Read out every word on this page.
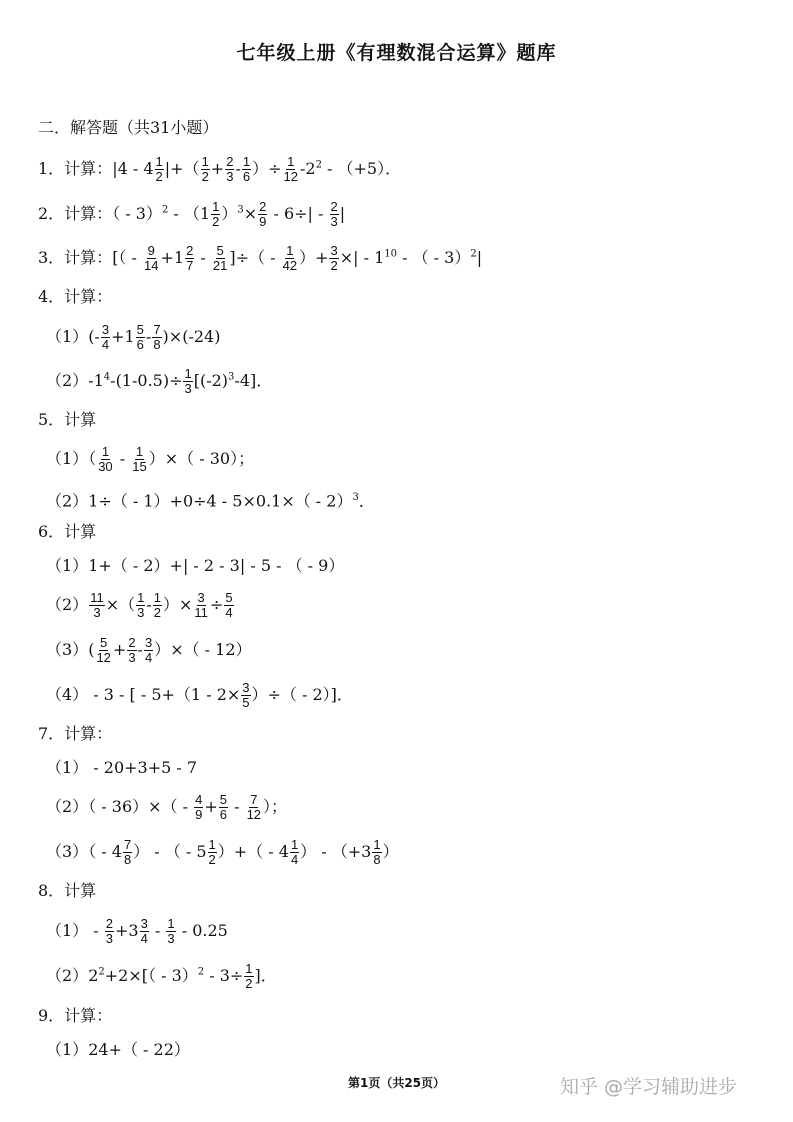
七年级上册《有理数混合运算》题库
二．解答题（共31小题）
1．计算：$|4 - 4 \frac{1}{2}$ |+（ $\frac{1}{2} + \frac{2}{3} - \frac{1}{6}$ ）÷ $\frac{1}{12} -2^2 - (+5)$．
2．计算：（ - $3)^2 - (1 \frac{1}{2} )^3\times \frac{2}{9} - 6\div| - \frac{2}{3}$ |
3．计算：[（ - $\frac{9}{14} +1 \frac{2}{7} - \frac{5}{21}$ ]÷（ - $\frac{1}{42}$ ）+ $\frac{3}{2}$ ×| - $1^{10}$ - （ - 3）$^2$|
4．计算：
$(1)(- \frac{3}{4} +1 \frac{5}{6} - \frac{7}{8} )\times(-24)$
$(2)-1^4-(1-0.5)\div \frac{1}{3} [(-2)^3-4]$．
5．计算
$(1)( \frac{1}{30} - \frac{1}{15}$ ）×（ - 30）；
（2）1÷（ - 1）+0÷4 - 5×0.1×（ - 2）$^3$．
6．计算
（1）1+（ - 2）+| - 2 - 3| - 5 - （ - 9）
$(2) \frac{11}{3}$ ×（ $\frac{1}{3} - \frac{1}{2}$ ）× $\frac{3}{11} \div \frac{5}{4}$
$(3)( \frac{5}{12} + \frac{2}{3} - \frac{3}{4}$ ）×（ - 12）
（4） - 3 - [ - $5+(1 - 2\times \frac{3}{5}$ ）÷（ - 2）]．
7．计算：
（1） - 20+3+5 - 7
$(2)( - 36)\times( - \frac{4}{9} + \frac{5}{6} - \frac{7}{12}$ ）；
$(3)( - 4 \frac{7}{8}$ ） - （ - $5 \frac{1}{2}$ ）+（ - $4 \frac{1}{4}$ ） - （$+3 \frac{1}{8}$ ）
8．计算
$(1) - \frac{2}{3} +3 \frac{3}{4} - \frac{1}{3} - 0.25$
$(2)2^2+2\times[( - 3)^2 - 3\div \frac{1}{2}$ ]．
9．计算：
（1）24+（ - 22）
第1页（共25页）	知乎 @学习辅助进步
